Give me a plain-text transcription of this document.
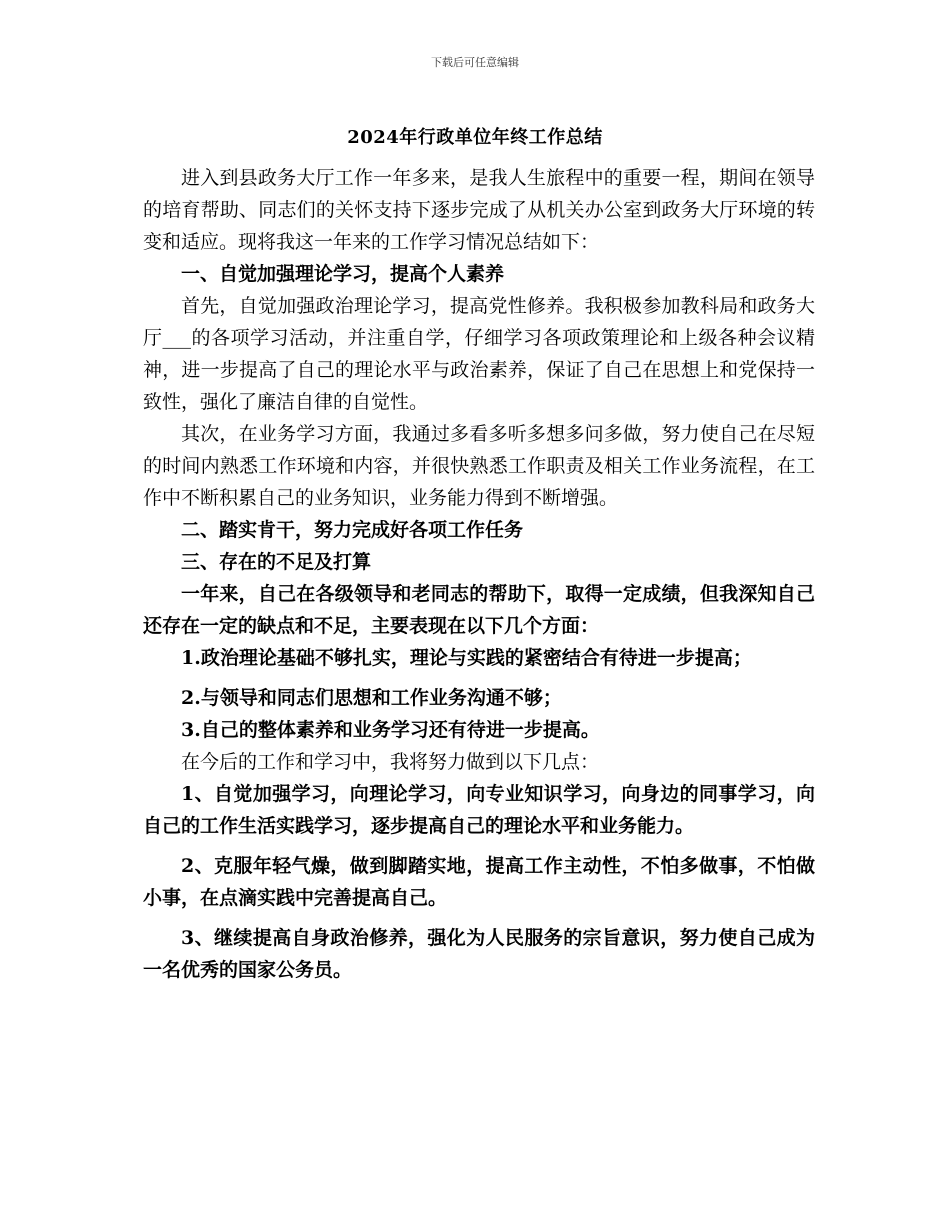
下载后可任意编辑
2024年行政单位年终工作总结

进入到县政务大厅工作一年多来，是我人生旅程中的重要一程，期间在领导的培育帮助、同志们的关怀支持下逐步完成了从机关办公室到政务大厅环境的转变和适应。现将我这一年来的工作学习情况总结如下：

一、自觉加强理论学习，提高个人素养

首先，自觉加强政治理论学习，提高党性修养。我积极参加教科局和政务大厅___的各项学习活动，并注重自学，仔细学习各项政策理论和上级各种会议精神，进一步提高了自己的理论水平与政治素养，保证了自己在思想上和党保持一致性，强化了廉洁自律的自觉性。

其次，在业务学习方面，我通过多看多听多想多问多做，努力使自己在尽短的时间内熟悉工作环境和内容，并很快熟悉工作职责及相关工作业务流程，在工作中不断积累自己的业务知识，业务能力得到不断增强。

二、踏实肯干，努力完成好各项工作任务

三、存在的不足及打算

一年来，自己在各级领导和老同志的帮助下，取得一定成绩，但我深知自己还存在一定的缺点和不足，主要表现在以下几个方面：

1.政治理论基础不够扎实，理论与实践的紧密结合有待进一步提高；

2.与领导和同志们思想和工作业务沟通不够；

3.自己的整体素养和业务学习还有待进一步提高。

在今后的工作和学习中，我将努力做到以下几点：

1、自觉加强学习，向理论学习，向专业知识学习，向身边的同事学习，向自己的工作生活实践学习，逐步提高自己的理论水平和业务能力。

2、克服年轻气燥，做到脚踏实地，提高工作主动性，不怕多做事，不怕做小事，在点滴实践中完善提高自己。

3、继续提高自身政治修养，强化为人民服务的宗旨意识，努力使自己成为一名优秀的国家公务员。
